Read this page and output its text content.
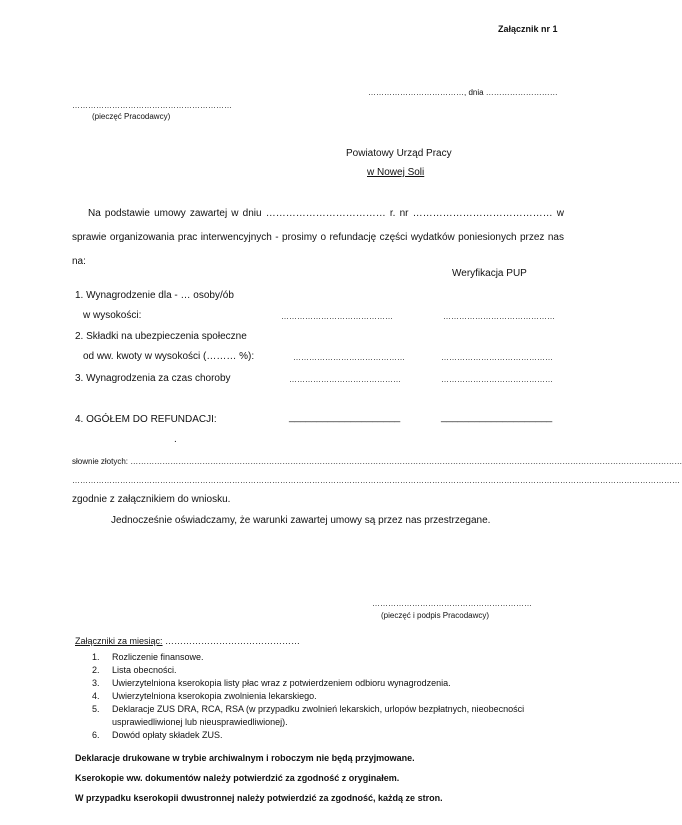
Załącznik nr 1
………………………………, dnia ………………………
……………………………………………………
(pieczęć Pracodawcy)
Powiatowy Urząd Pracy
w Nowej Soli
Na podstawie umowy zawartej w dniu ……………………………… r. nr …………………………………… w sprawie organizowania prac interwencyjnych - prosimy o refundację części wydatków poniesionych przez nas na:
Weryfikacja PUP
1. Wynagrodzenie dla - … osoby/ób
w wysokości:	……………………………………	……………………………………
2. Składki na ubezpieczenia społeczne
od ww. kwoty w wysokości (……… %):	……………………………………	……………………………………
3. Wynagrodzenia za czas choroby	……………………………………	……………………………………
4. OGÓŁEM DO REFUNDACJI:	____________________	____________________
.
słownie złotych: ………………………………………………………………………………………………………………………………………………………………………………………
…………………………………………………………………………………………………………………………………………………………………………………………………………
zgodnie z załącznikiem do wniosku.
Jednocześnie oświadczamy, że warunki zawartej umowy są przez nas przestrzegane.
……………………………………………………
(pieczęć i podpis Pracodawcy)
Załączniki za miesiąc: ………………………………………
1. Rozliczenie finansowe.
2. Lista obecności.
3. Uwierzytelniona kserokopia listy płac wraz z potwierdzeniem odbioru wynagrodzenia.
4. Uwierzytelniona kserokopia zwolnienia lekarskiego.
5. Deklaracje ZUS DRA, RCA, RSA (w przypadku zwolnień lekarskich, urlopów bezpłatnych, nieobecności usprawiedliwionej lub nieusprawiedliwionej).
6. Dowód opłaty składek ZUS.
Deklaracje drukowane w trybie archiwalnym i roboczym nie będą przyjmowane.
Kserokopie ww. dokumentów należy potwierdzić za zgodność z oryginałem.
W przypadku kserokopii dwustronnej należy potwierdzić za zgodność, każdą ze stron.
